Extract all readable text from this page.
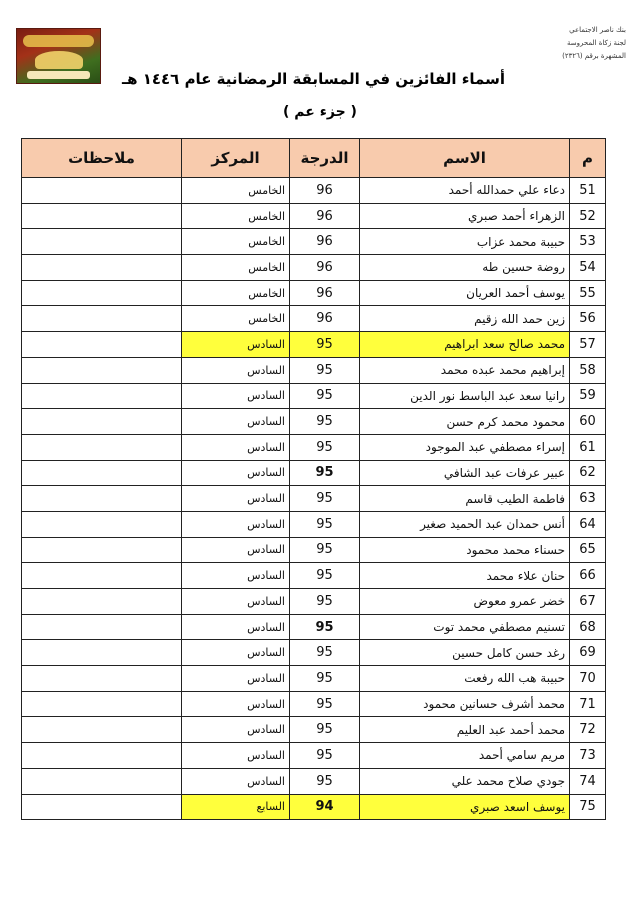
بنك ناصر الاجتماعي
لجنة زكاة المحروسة
المشهرة برقم (٢٣٢٦)
أسماء الفائزين في المسابقة الرمضانية عام ١٤٤٦ هـ
( جزء عم )
م	الاسم	الدرجة	المركز	ملاحظات
51	دعاء علي حمدالله أحمد	96	الخامس	
52	الزهراء أحمد صبري	96	الخامس	
53	حبيبة محمد عزاب	96	الخامس	
54	روضة حسين طه	96	الخامس	
55	يوسف أحمد العريان	96	الخامس	
56	زين حمد الله زقيم	96	الخامس	
57	محمد صالح سعد ابراهيم	95	السادس	
58	إبراهيم محمد عبده محمد	95	السادس	
59	رانيا سعد عبد الباسط نور الدين	95	السادس	
60	محمود محمد كرم حسن	95	السادس	
61	إسراء مصطفي عبد الموجود	95	السادس	
62	عبير عرفات عبد الشافي	95	السادس	
63	فاطمة الطيب قاسم	95	السادس	
64	أنس حمدان عبد الحميد صغير	95	السادس	
65	حسناء محمد محمود	95	السادس	
66	حنان علاء محمد	95	السادس	
67	خضر عمرو معوض	95	السادس	
68	تسنيم مصطفي محمد توت	95	السادس	
69	رغد حسن كامل حسين	95	السادس	
70	حبيبة هب الله رفعت	95	السادس	
71	محمد أشرف حسانين محمود	95	السادس	
72	محمد أحمد عبد العليم	95	السادس	
73	مريم سامي أحمد	95	السادس	
74	جودي صلاح محمد علي	95	السادس	
75	يوسف اسعد صبري	94	السابع	
